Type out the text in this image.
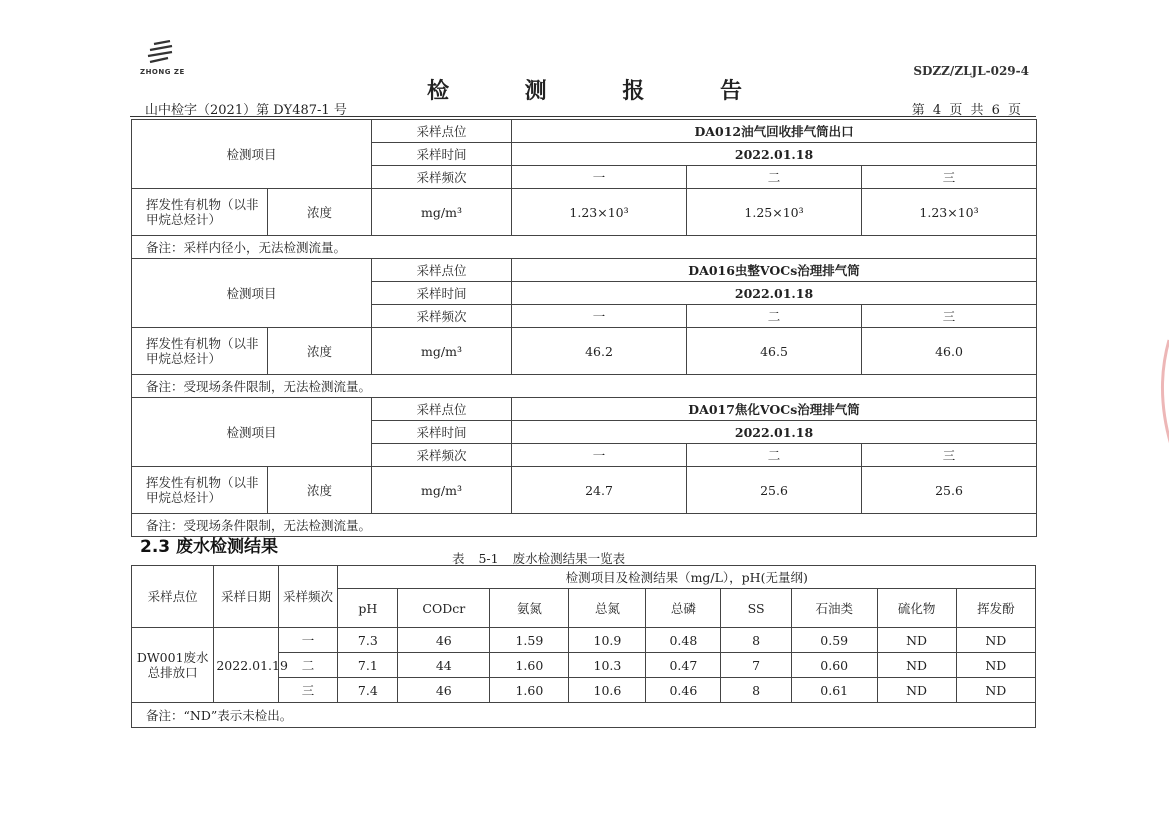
ZHONG ZE	SDZZ/ZLJL-029-4
检 测 报 告
山中检字（2021）第 DY487-1 号	第 4 页 共 6 页
检测项目		采样点位	DA012油气回收排气筒出口		
		采样时间	2022.01.18		
		采样频次	一	二	三
挥发性有机物（以非甲烷总烃计）	浓度	mg/m³	1.23×10³	1.25×10³	1.23×10³
备注：采样内径小，无法检测流量。					
检测项目		采样点位	DA016虫整VOCs治理排气筒		
		采样时间	2022.01.18		
		采样频次	一	二	三
挥发性有机物（以非甲烷总烃计）	浓度	mg/m³	46.2	46.5	46.0
备注：受现场条件限制，无法检测流量。					
检测项目		采样点位	DA017焦化VOCs治理排气筒		
		采样时间	2022.01.18		
		采样频次	一	二	三
挥发性有机物（以非甲烷总烃计）	浓度	mg/m³	24.7	25.6	25.6
备注：受现场条件限制，无法检测流量。					
2.3 废水检测结果
表 5-1 废水检测结果一览表
采样点位	采样日期	采样频次	检测项目及检测结果（mg/L），pH(无量纲)								
			pH	CODcr	氨氮	总氮	总磷	SS	石油类	硫化物	挥发酚
DW001废水总排放口	2022.01.19	一	7.3	46	1.59	10.9	0.48	8	0.59	ND	ND
		二	7.1	44	1.60	10.3	0.47	7	0.60	ND	ND
		三	7.4	46	1.60	10.6	0.46	8	0.61	ND	ND
备注：“ND”表示未检出。											
